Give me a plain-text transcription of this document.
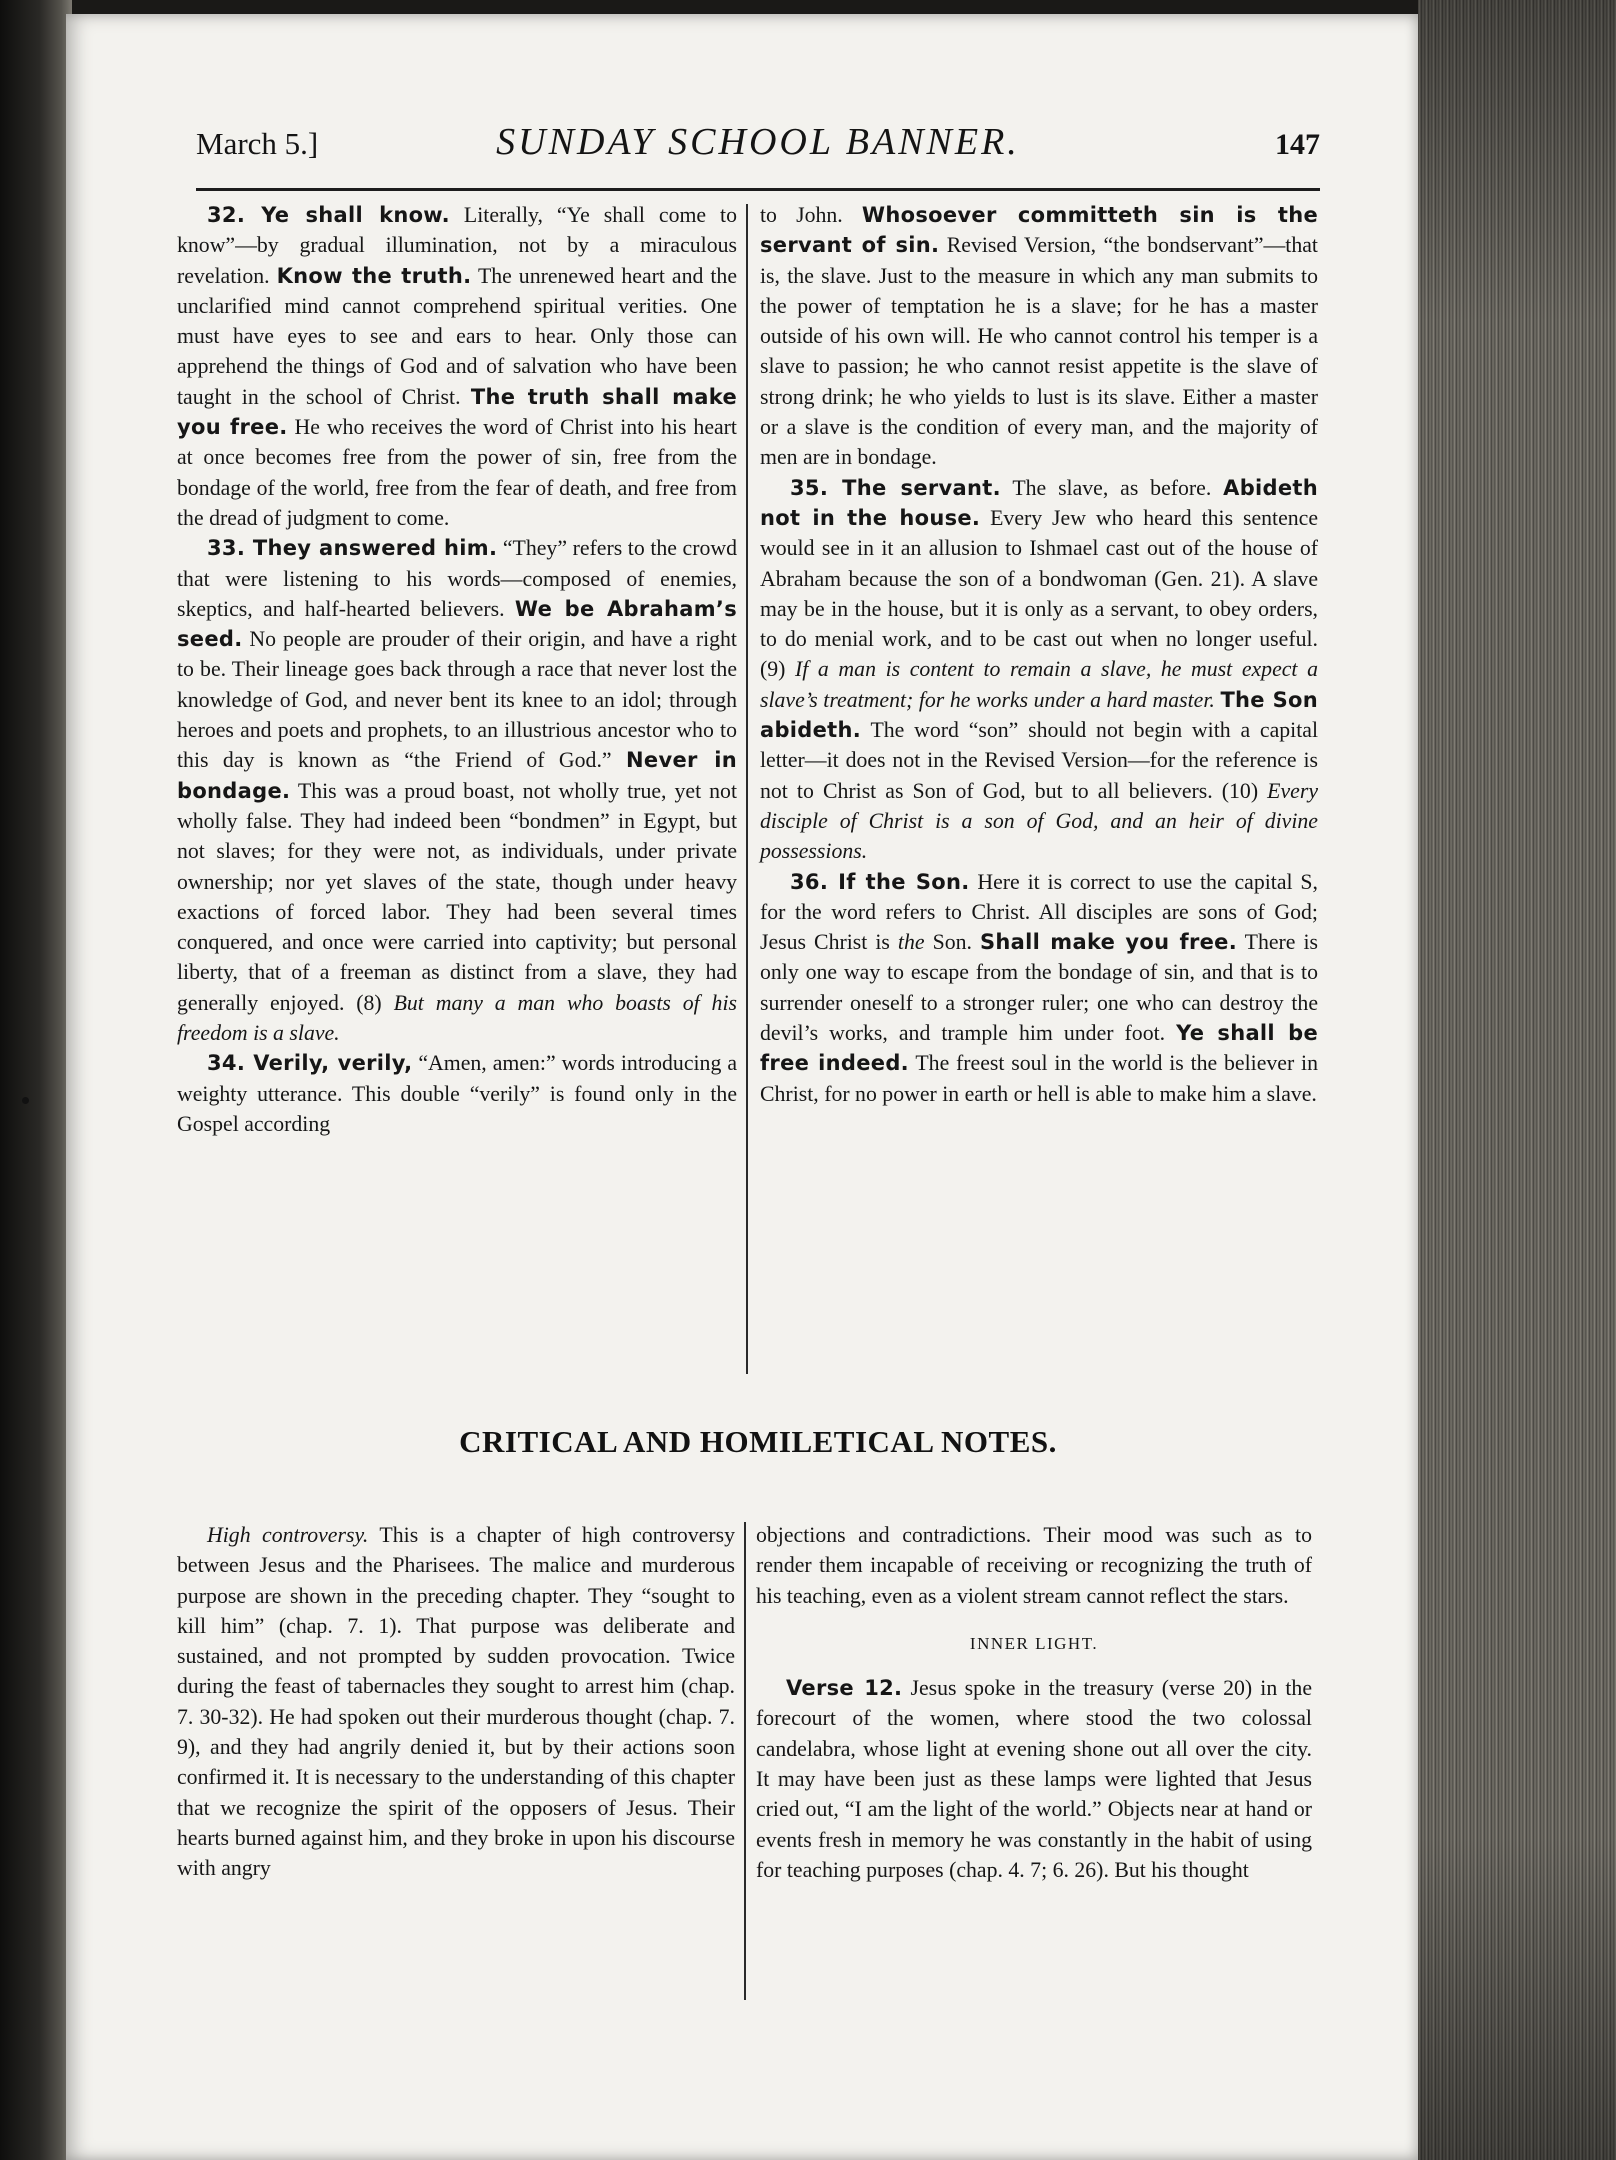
March 5.]	SUNDAY SCHOOL BANNER.	147

32. Ye shall know. Literally, “Ye shall come to know”—by gradual illumination, not by a miraculous revelation. Know the truth. The unrenewed heart and the unclarified mind cannot comprehend spiritual verities. One must have eyes to see and ears to hear. Only those can apprehend the things of God and of salvation who have been taught in the school of Christ. The truth shall make you free. He who receives the word of Christ into his heart at once becomes free from the power of sin, free from the bondage of the world, free from the fear of death, and free from the dread of judgment to come.

33. They answered him. “They” refers to the crowd that were listening to his words—composed of enemies, skeptics, and half-hearted believers. We be Abraham’s seed. No people are prouder of their origin, and have a right to be. Their lineage goes back through a race that never lost the knowledge of God, and never bent its knee to an idol; through heroes and poets and prophets, to an illustrious ancestor who to this day is known as “the Friend of God.” Never in bondage. This was a proud boast, not wholly true, yet not wholly false. They had indeed been “bondmen” in Egypt, but not slaves; for they were not, as individuals, under private ownership; nor yet slaves of the state, though under heavy exactions of forced labor. They had been several times conquered, and once were carried into captivity; but personal liberty, that of a freeman as distinct from a slave, they had generally enjoyed. (8) But many a man who boasts of his freedom is a slave.

34. Verily, verily, “Amen, amen:” words introducing a weighty utterance. This double “verily” is found only in the Gospel according

to John. Whosoever committeth sin is the servant of sin. Revised Version, “the bondservant”—that is, the slave. Just to the measure in which any man submits to the power of temptation he is a slave; for he has a master outside of his own will. He who cannot control his temper is a slave to passion; he who cannot resist appetite is the slave of strong drink; he who yields to lust is its slave. Either a master or a slave is the condition of every man, and the majority of men are in bondage.

35. The servant. The slave, as before. Abideth not in the house. Every Jew who heard this sentence would see in it an allusion to Ishmael cast out of the house of Abraham because the son of a bondwoman (Gen. 21). A slave may be in the house, but it is only as a servant, to obey orders, to do menial work, and to be cast out when no longer useful. (9) If a man is content to remain a slave, he must expect a slave’s treatment; for he works under a hard master. The Son abideth. The word “son” should not begin with a capital letter—it does not in the Revised Version—for the reference is not to Christ as Son of God, but to all believers. (10) Every disciple of Christ is a son of God, and an heir of divine possessions.

36. If the Son. Here it is correct to use the capital S, for the word refers to Christ. All disciples are sons of God; Jesus Christ is the Son. Shall make you free. There is only one way to escape from the bondage of sin, and that is to surrender oneself to a stronger ruler; one who can destroy the devil’s works, and trample him under foot. Ye shall be free indeed. The freest soul in the world is the believer in Christ, for no power in earth or hell is able to make him a slave.

CRITICAL AND HOMILETICAL NOTES.

High controversy. This is a chapter of high controversy between Jesus and the Pharisees. The malice and murderous purpose are shown in the preceding chapter. They “sought to kill him” (chap. 7. 1). That purpose was deliberate and sustained, and not prompted by sudden provocation. Twice during the feast of tabernacles they sought to arrest him (chap. 7. 30-32). He had spoken out their murderous thought (chap. 7. 9), and they had angrily denied it, but by their actions soon confirmed it. It is necessary to the understanding of this chapter that we recognize the spirit of the opposers of Jesus. Their hearts burned against him, and they broke in upon his discourse with angry

objections and contradictions. Their mood was such as to render them incapable of receiving or recognizing the truth of his teaching, even as a violent stream cannot reflect the stars.

INNER LIGHT.

Verse 12. Jesus spoke in the treasury (verse 20) in the forecourt of the women, where stood the two colossal candelabra, whose light at evening shone out all over the city. It may have been just as these lamps were lighted that Jesus cried out, “I am the light of the world.” Objects near at hand or events fresh in memory he was constantly in the habit of using for teaching purposes (chap. 4. 7; 6. 26). But his thought
